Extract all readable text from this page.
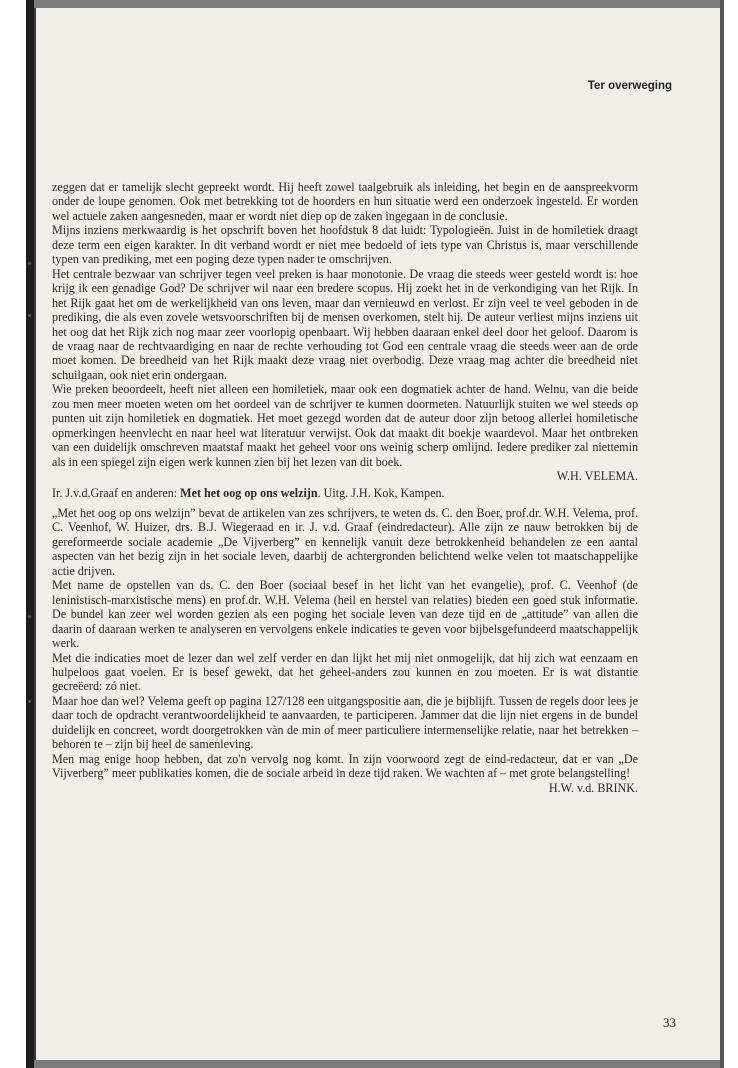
Ter overweging

zeggen dat er tamelijk slecht gepreekt wordt. Hij heeft zowel taalgebruik als inleiding, het begin en de aanspreekvorm onder de loupe genomen. Ook met betrekking tot de hoorders en hun situatie werd een onderzoek ingesteld. Er worden wel actuele zaken aangesneden, maar er wordt niet diep op de zaken ingegaan in de conclusie.

Mijns inziens merkwaardig is het opschrift boven het hoofdstuk 8 dat luidt: Typologieën. Juist in de homiletiek draagt deze term een eigen karakter. In dit verband wordt er niet mee bedoeld of iets type van Christus is, maar verschillende typen van prediking, met een poging deze typen nader te omschrijven.

Het centrale bezwaar van schrijver tegen veel preken is haar monotonie. De vraag die steeds weer gesteld wordt is: hoe krijg ik een genadige God? De schrijver wil naar een bredere scopus. Hij zoekt het in de verkondiging van het Rijk. In het Rijk gaat het om de werkelijkheid van ons leven, maar dan vernieuwd en verlost. Er zijn veel te veel geboden in de prediking, die als even zovele wetsvoorschriften bij de mensen overkomen, stelt hij. De auteur verliest mijns inziens uit het oog dat het Rijk zich nog maar zeer voorlopig openbaart. Wij hebben daaraan enkel deel door het geloof. Daarom is de vraag naar de rechtvaardiging en naar de rechte verhouding tot God een centrale vraag die steeds weer aan de orde moet komen. De breedheid van het Rijk maakt deze vraag niet overbodig. Deze vraag mag achter die breedheid niet schuilgaan, ook niet erin ondergaan.

Wie preken beoordeelt, heeft niet alleen een homiletiek, maar ook een dogmatiek achter de hand. Welnu, van die beide zou men meer moeten weten om het oordeel van de schrijver te kunnen doormeten. Natuurlijk stuiten we wel steeds op punten uit zijn homiletiek en dogmatiek. Het moet gezegd worden dat de auteur door zijn betoog allerlei homiletische opmerkingen heenvlecht en naar heel wat literatuur verwijst. Ook dat maakt dit boekje waardevol. Maar het ontbreken van een duidelijk omschreven maatstaf maakt het geheel voor ons weinig scherp omlijnd. Iedere prediker zal niettemin als in een spiegel zijn eigen werk kunnen zien bij het lezen van dit boek.

W.H. VELEMA.

Ir. J.v.d.Graaf en anderen: Met het oog op ons welzijn. Uitg. J.H. Kok, Kampen.

„Met het oog op ons welzijn” bevat de artikelen van zes schrijvers, te weten ds. C. den Boer, prof.dr. W.H. Velema, prof. C. Veenhof, W. Huizer, drs. B.J. Wiegeraad en ir. J. v.d. Graaf (eindredacteur). Alle zijn ze nauw betrokken bij de gereformeerde sociale academie „De Vijverberg” en kennelijk vanuit deze betrokkenheid behandelen ze een aantal aspecten van het bezig zijn in het sociale leven, daarbij de achtergronden belichtend welke velen tot maatschappelijke actie drijven.

Met name de opstellen van ds. C. den Boer (sociaal besef in het licht van het evangelie), prof. C. Veenhof (de leninistisch-marxistische mens) en prof.dr. W.H. Velema (heil en herstel van relaties) bieden een goed stuk informatie. De bundel kan zeer wel worden gezien als een poging het sociale leven van deze tijd en de „attitude” van allen die daarin of daaraan werken te analyseren en vervolgens enkele indicaties te geven voor bijbelsgefundeerd maatschappelijk werk.

Met die indicaties moet de lezer dan wel zelf verder en dan lijkt het mij niet onmogelijk, dat hij zich wat eenzaam en hulpeloos gaat voelen. Er is besef gewekt, dat het geheel-anders zou kunnen en zou moeten. Er is wat distantie gecreëerd: zó niet.

Maar hoe dan wel? Velema geeft op pagina 127/128 een uitgangspositie aan, die je bijblijft. Tussen de regels door lees je daar toch de opdracht verantwoordelijkheid te aanvaarden, te participeren. Jammer dat die lijn niet ergens in de bundel duidelijk en concreet, wordt doorgetrokken vàn de min of meer particuliere intermenselijke relatie, naar het betrekken – behoren te – zijn bij heel de samenleving.

Men mag enige hoop hebben, dat zo'n vervolg nog komt. In zijn voorwoord zegt de eind-redacteur, dat er van „De Vijverberg” meer publikaties komen, die de sociale arbeid in deze tijd raken. We wachten af – met grote belangstelling!
H.W. v.d. BRINK.

33
